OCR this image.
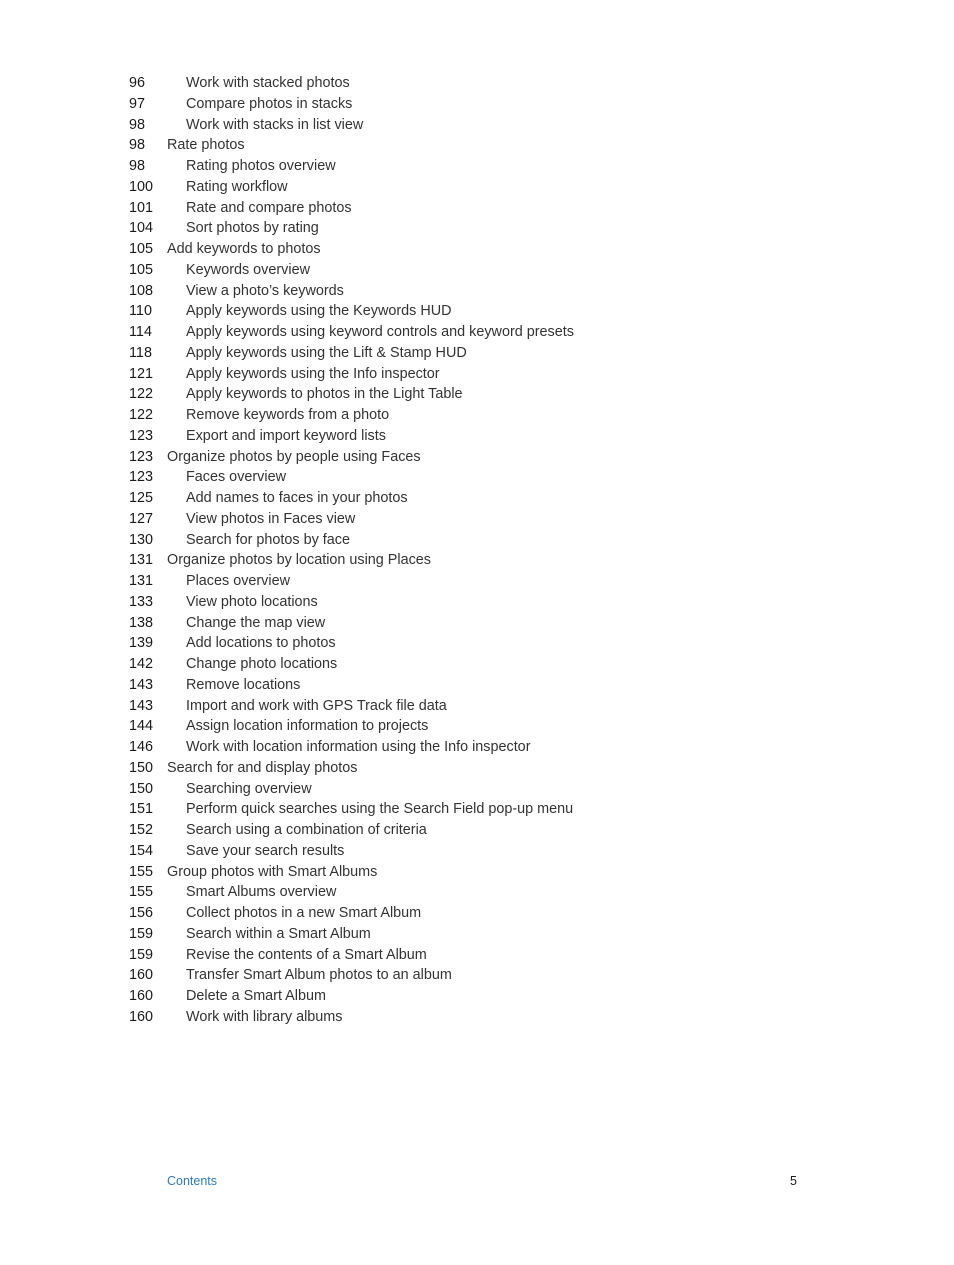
96	Work with stacked photos
97	Compare photos in stacks
98	Work with stacks in list view
98 Rate photos
98	Rating photos overview
100 Rating workflow
101 Rate and compare photos
104 Sort photos by rating
105 Add keywords to photos
105 Keywords overview
108 View a photo’s keywords
110 Apply keywords using the Keywords HUD
114 Apply keywords using keyword controls and keyword presets
118 Apply keywords using the Lift & Stamp HUD
121 Apply keywords using the Info inspector
122 Apply keywords to photos in the Light Table
122 Remove keywords from a photo
123 Export and import keyword lists
123 Organize photos by people using Faces
123 Faces overview
125 Add names to faces in your photos
127 View photos in Faces view
130 Search for photos by face
131 Organize photos by location using Places
131 Places overview
133 View photo locations
138 Change the map view
139 Add locations to photos
142 Change photo locations
143 Remove locations
143 Import and work with GPS Track file data
144 Assign location information to projects
146 Work with location information using the Info inspector
150 Search for and display photos
150 Searching overview
151 Perform quick searches using the Search Field pop-up menu
152 Search using a combination of criteria
154 Save your search results
155 Group photos with Smart Albums
155 Smart Albums overview
156 Collect photos in a new Smart Album
159 Search within a Smart Album
159 Revise the contents of a Smart Album
160 Transfer Smart Album photos to an album
160 Delete a Smart Album
160 Work with library albums
Contents	5
